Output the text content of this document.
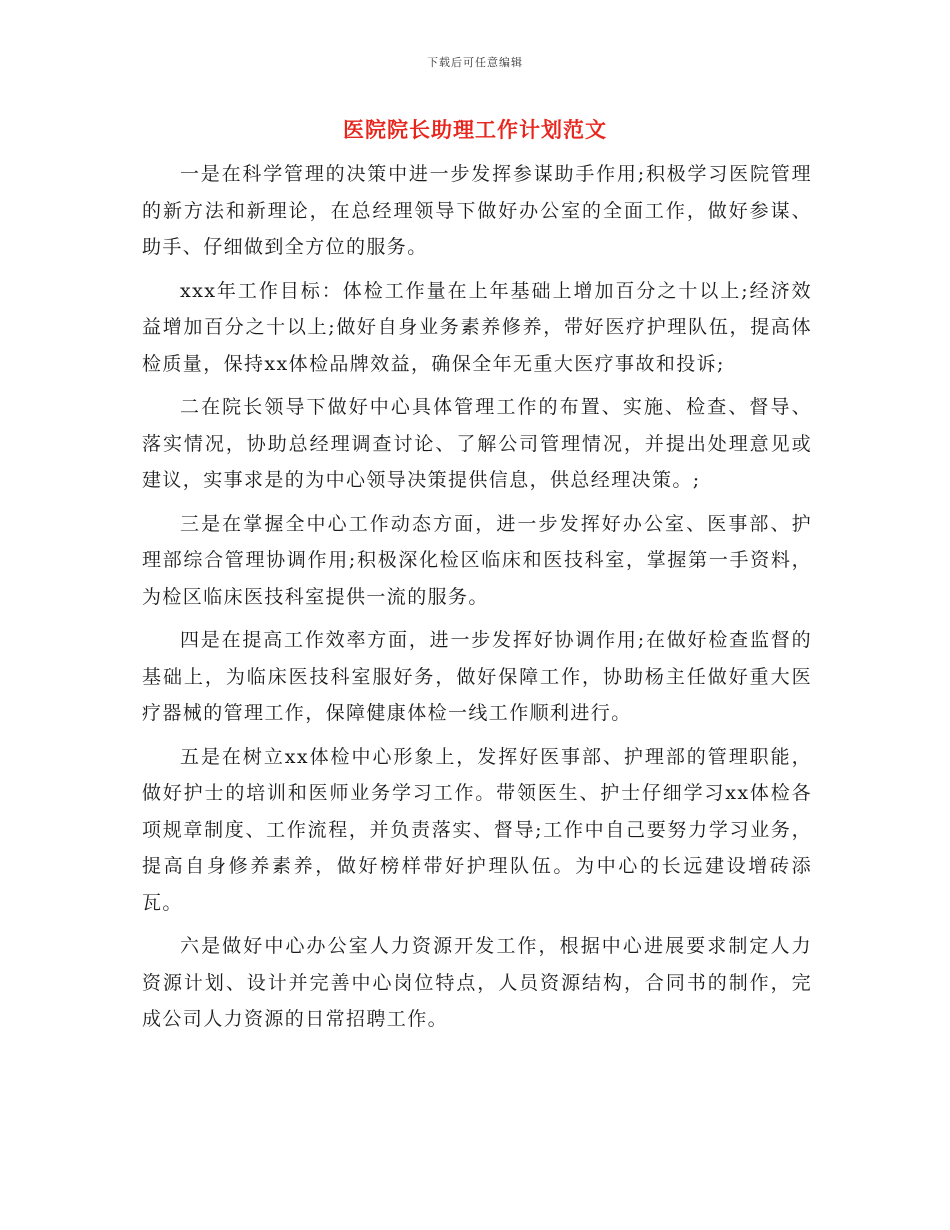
下载后可任意编辑
医院院长助理工作计划范文

一是在科学管理的决策中进一步发挥参谋助手作用;积极学习医院管理的新方法和新理论，在总经理领导下做好办公室的全面工作，做好参谋、助手、仔细做到全方位的服务。

xxx年工作目标：体检工作量在上年基础上增加百分之十以上;经济效益增加百分之十以上;做好自身业务素养修养，带好医疗护理队伍，提高体检质量，保持xx体检品牌效益，确保全年无重大医疗事故和投诉;

二在院长领导下做好中心具体管理工作的布置、实施、检查、督导、落实情况，协助总经理调查讨论、了解公司管理情况，并提出处理意见或建议，实事求是的为中心领导决策提供信息，供总经理决策。;

三是在掌握全中心工作动态方面，进一步发挥好办公室、医事部、护理部综合管理协调作用;积极深化检区临床和医技科室，掌握第一手资料，为检区临床医技科室提供一流的服务。

四是在提高工作效率方面，进一步发挥好协调作用;在做好检查监督的基础上，为临床医技科室服好务，做好保障工作，协助杨主任做好重大医疗器械的管理工作，保障健康体检一线工作顺利进行。

五是在树立xx体检中心形象上，发挥好医事部、护理部的管理职能，做好护士的培训和医师业务学习工作。带领医生、护士仔细学习xx体检各项规章制度、工作流程，并负责落实、督导;工作中自己要努力学习业务，提高自身修养素养，做好榜样带好护理队伍。为中心的长远建设增砖添瓦。

六是做好中心办公室人力资源开发工作，根据中心进展要求制定人力资源计划、设计并完善中心岗位特点，人员资源结构，合同书的制作，完成公司人力资源的日常招聘工作。
